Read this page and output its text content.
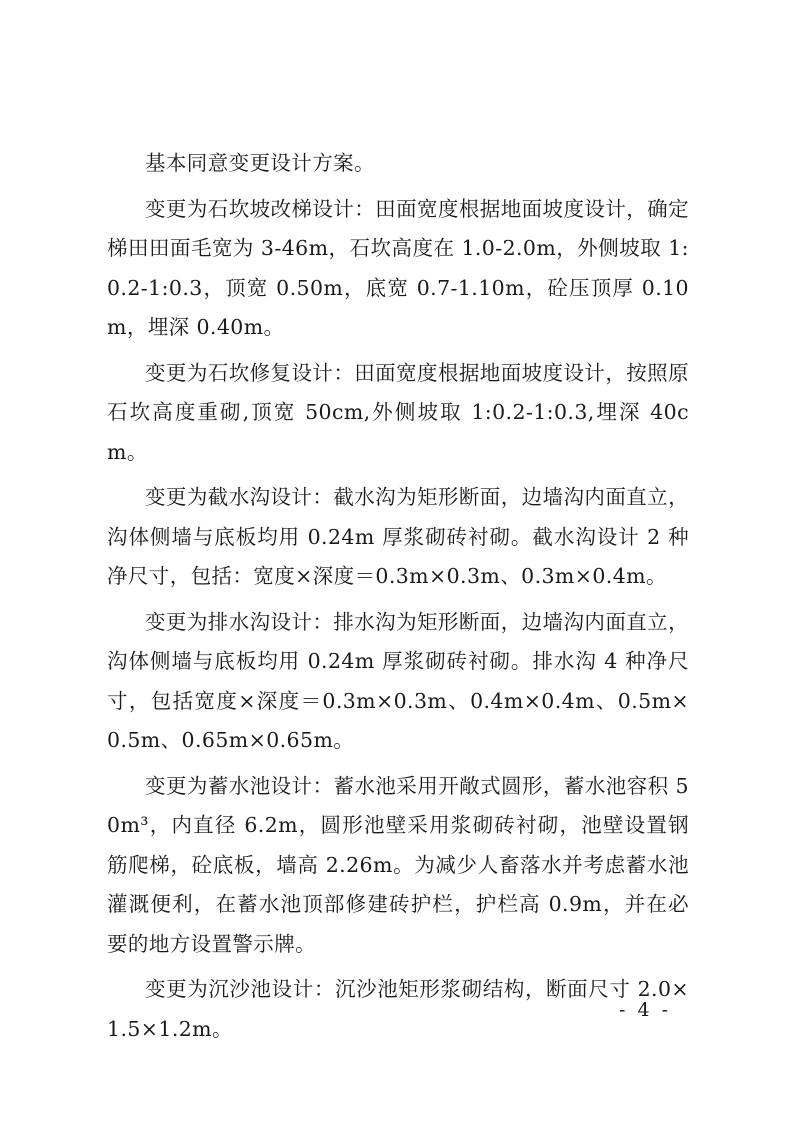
基本同意变更设计方案。

变更为石坎坡改梯设计：田面宽度根据地面坡度设计，确定梯田田面毛宽为 3-46m，石坎高度在 1.0-2.0m，外侧坡取 1:0.2-1:0.3，顶宽 0.50m，底宽 0.7-1.10m，砼压顶厚 0.10m，埋深 0.40m。

变更为石坎修复设计：田面宽度根据地面坡度设计，按照原石坎高度重砌,顶宽 50cm,外侧坡取 1:0.2-1:0.3,埋深 40cm。

变更为截水沟设计：截水沟为矩形断面，边墙沟内面直立，沟体侧墙与底板均用 0.24m 厚浆砌砖衬砌。截水沟设计 2 种净尺寸，包括：宽度×深度＝0.3m×0.3m、0.3m×0.4m。

变更为排水沟设计：排水沟为矩形断面，边墙沟内面直立，沟体侧墙与底板均用 0.24m 厚浆砌砖衬砌。排水沟 4 种净尺寸，包括宽度×深度＝0.3m×0.3m、0.4m×0.4m、0.5m×0.5m、0.65m×0.65m。

变更为蓄水池设计：蓄水池采用开敞式圆形，蓄水池容积 50m³，内直径 6.2m，圆形池壁采用浆砌砖衬砌，池壁设置钢筋爬梯，砼底板，墙高 2.26m。为减少人畜落水并考虑蓄水池灌溉便利，在蓄水池顶部修建砖护栏，护栏高 0.9m，并在必要的地方设置警示牌。

变更为沉沙池设计：沉沙池矩形浆砌结构，断面尺寸 2.0×1.5×1.2m。

- 4 -
